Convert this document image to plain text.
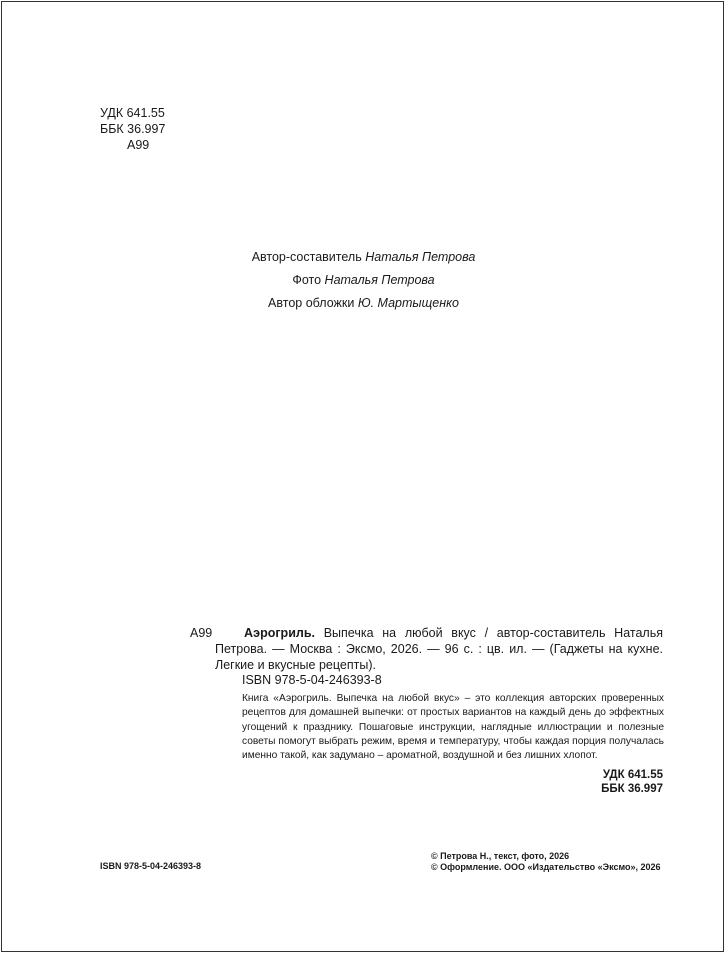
УДК 641.55
ББК 36.997
А99
Автор-составитель Наталья Петрова
Фото Наталья Петрова
Автор обложки Ю. Мартыщенко
А99	Аэрогриль. Выпечка на любой вкус / автор-составитель Наталья Петрова. — Москва : Эксмо, 2026. — 96 с. : цв. ил. — (Гаджеты на кухне. Легкие и вкусные рецепты).
ISBN 978-5-04-246393-8
Книга «Аэрогриль. Выпечка на любой вкус» – это коллекция авторских проверенных рецептов для домашней выпечки: от простых вариантов на каждый день до эффектных угощений к празднику. Пошаговые инструкции, наглядные иллюстрации и полезные советы помогут выбрать режим, время и температуру, чтобы каждая порция получалась именно такой, как задумано – ароматной, воздушной и без лишних хлопот.
УДК 641.55
ББК 36.997
ISBN 978-5-04-246393-8
© Петрова Н., текст, фото, 2026
© Оформление. ООО «Издательство «Эксмо», 2026
